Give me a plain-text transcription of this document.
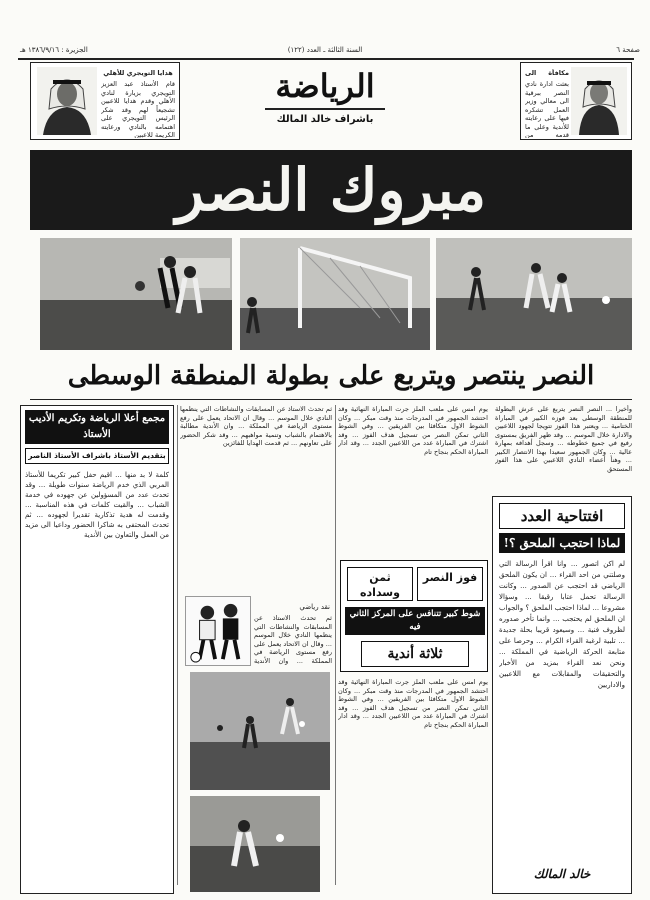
صفحة ٦
السنة الثالثة ـ العدد (١٢٢)
الجزيرة : ١٣٨٦/٩/١٦ هـ
مكافأة الى
بعثت ادارة نادي النصر ببرقية الى معالي وزير العمل تشكره فيها على رعايته للأندية وعلى ما قدمه من
هدايا التويجري للأهلي
قام الأستاذ عبد العزيز التويجري بزيارة لنادي الأهلي وقدم هدايا للاعبين تشجيعاً لهم وقد شكر الرئيس التويجري على اهتمامه بالنادي ورعايته الكريمة للاعبين
الرياضة
باشراف خالد المالك
مبروك النصر
النصر ينتصر ويتربع على بطولة المنطقة الوسطى
وأخيرا ... النصر النصر يتربع على عرش البطولة للمنطقة الوسطى بعد فوزه الكبير في المباراة الختامية ... ويعتبر هذا الفوز تتويجا لجهود اللاعبين والادارة خلال الموسم ... وقد ظهر الفريق بمستوى رفيع في جميع خطوطه ... وسجل أهدافه بمهارة عالية ... وكان الجمهور سعيدا بهذا الانتصار الكبير ... وهنأ أعضاء النادي اللاعبين على هذا الفوز المستحق
افتتاحية العدد
لماذا احتجب الملحق ؟!
لم اكن اتصور ... وانا اقرأ الرسالة التي وصلتني من احد القراء ... ان يكون الملحق الرياضي قد احتجب عن الصدور ... وكانت الرسالة تحمل عتابا رقيقا ... وسؤالا مشروعا ... لماذا احتجب الملحق ؟ والجواب ان الملحق لم يحتجب ... وانما تأخر صدوره لظروف فنية ... وسيعود قريبا بحلة جديدة ... تلبية لرغبة القراء الكرام ... وحرصا على متابعة الحركة الرياضية في المملكة ... ونحن نعد القراء بمزيد من الأخبار والتحقيقات والمقابلات مع اللاعبين والاداريين
خالد المالك
يوم امس على ملعب الملز جرت المباراة النهائية وقد احتشد الجمهور في المدرجات منذ وقت مبكر ... وكان الشوط الاول متكافئا بين الفريقين ... وفي الشوط الثاني تمكن النصر من تسجيل هدف الفوز ... وقد اشترك في المباراة عدد من اللاعبين الجدد ... وقد ادار المباراة الحكم بنجاح تام
ثمن وسداده
فوز النصر
شوط كبير تتنافس على المركز الثاني فيه
ثلاثة أندية
يوم امس على ملعب الملز جرت المباراة النهائية وقد احتشد الجمهور في المدرجات منذ وقت مبكر ... وكان الشوط الاول متكافئا بين الفريقين ... وفي الشوط الثاني تمكن النصر من تسجيل هدف الفوز ... وقد اشترك في المباراة عدد من اللاعبين الجدد ... وقد ادار المباراة الحكم بنجاح تام
ثم تحدث الاستاذ عن المسابقات والنشاطات التي ينظمها النادي خلال الموسم ... وقال ان الاتحاد يعمل على رفع مستوى الرياضة في المملكة ... وان الأندية مطالبة بالاهتمام بالشباب وتنمية مواهبهم ... وقد شكر الحضور على تعاونهم ... ثم قدمت الهدايا للفائزين
نقد رياضي
ثم تحدث الاستاذ عن المسابقات والنشاطات التي ينظمها النادي خلال الموسم ... وقال ان الاتحاد يعمل على رفع مستوى الرياضة في المملكة ... وان الأندية
مجمع أعلا الرياضة وتكريم الأديب الأستاذ
بتقديم الأستاذ باشراف الأستاذ الناصر
كلمة لا بد منها ... اقيم حفل كبير تكريما للأستاذ المربي الذي خدم الرياضة سنوات طويلة ... وقد تحدث عدد من المسؤولين عن جهوده في خدمة الشباب ... والقيت كلمات في هذه المناسبة ... وقدمت له هدية تذكارية تقديرا لجهوده ... ثم تحدث المحتفى به شاكرا الحضور وداعيا الى مزيد من العمل والتعاون بين الأندية
